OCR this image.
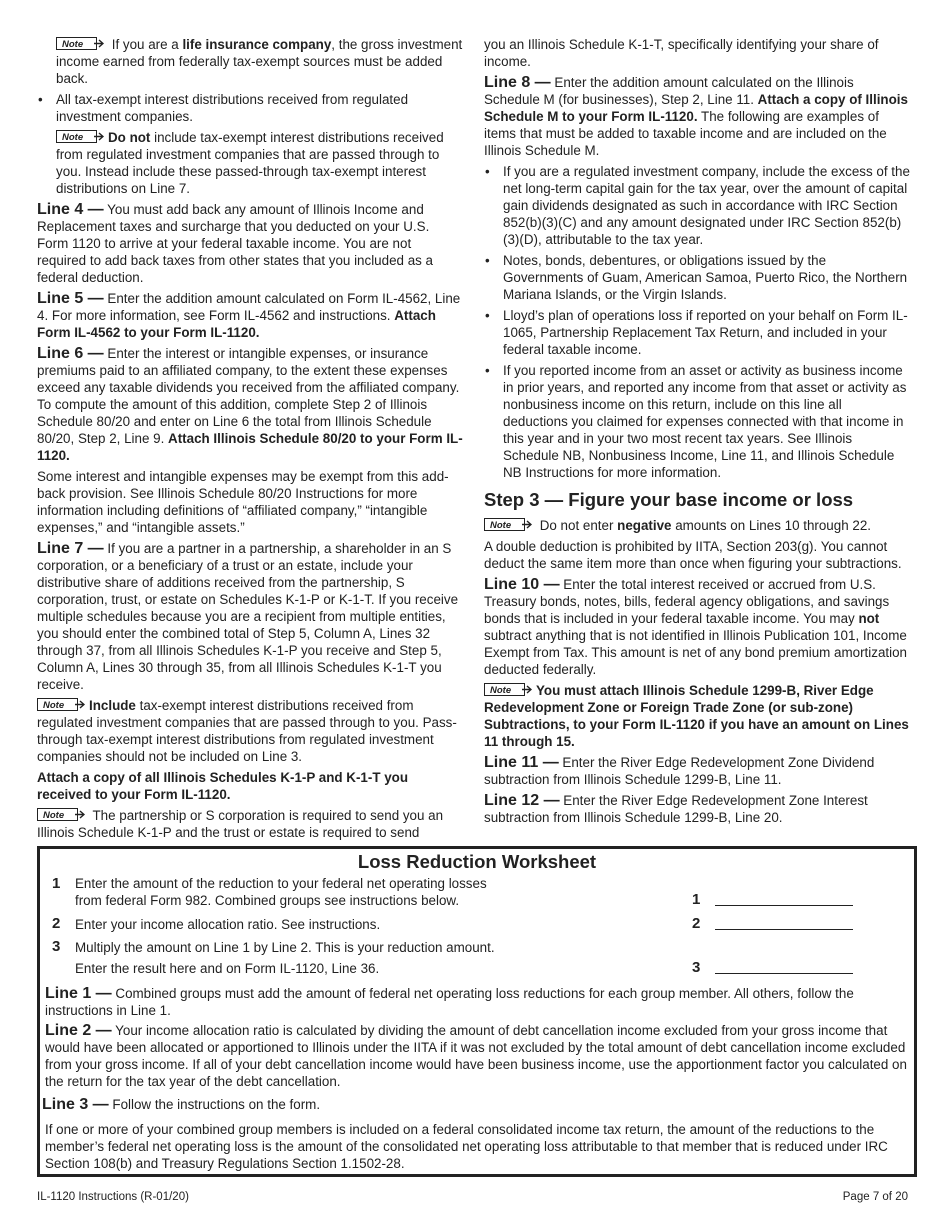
Note If you are a life insurance company, the gross investment income earned from federally tax-exempt sources must be added back.

• All tax-exempt interest distributions received from regulated investment companies.

Note Do not include tax-exempt interest distributions received from regulated investment companies that are passed through to you. Instead include these passed-through tax-exempt interest distributions on Line 7.

Line 4 — You must add back any amount of Illinois Income and Replacement taxes and surcharge that you deducted on your U.S. Form 1120 to arrive at your federal taxable income. You are not required to add back taxes from other states that you included as a federal deduction.

Line 5 — Enter the addition amount calculated on Form IL-4562, Line 4. For more information, see Form IL-4562 and instructions. Attach Form IL-4562 to your Form IL-1120.

Line 6 — Enter the interest or intangible expenses, or insurance premiums paid to an affiliated company, to the extent these expenses exceed any taxable dividends you received from the affiliated company. To compute the amount of this addition, complete Step 2 of Illinois Schedule 80/20 and enter on Line 6 the total from Illinois Schedule 80/20, Step 2, Line 9. Attach Illinois Schedule 80/20 to your Form IL-1120.

Some interest and intangible expenses may be exempt from this add-back provision. See Illinois Schedule 80/20 Instructions for more information including definitions of “affiliated company,” “intangible expenses,” and “intangible assets.”

Line 7 — If you are a partner in a partnership, a shareholder in an S corporation, or a beneficiary of a trust or an estate, include your distributive share of additions received from the partnership, S corporation, trust, or estate on Schedules K-1-P or K-1-T. If you receive multiple schedules because you are a recipient from multiple entities, you should enter the combined total of Step 5, Column A, Lines 32 through 37, from all Illinois Schedules K-1-P you receive and Step 5, Column A, Lines 30 through 35, from all Illinois Schedules K-1-T you receive.

Note Include tax-exempt interest distributions received from regulated investment companies that are passed through to you. Pass-through tax-exempt interest distributions from regulated investment companies should not be included on Line 3.

Attach a copy of all Illinois Schedules K-1-P and K-1-T you received to your Form IL-1120.

Note The partnership or S corporation is required to send you an Illinois Schedule K-1-P and the trust or estate is required to send

you an Illinois Schedule K-1-T, specifically identifying your share of income.

Line 8 — Enter the addition amount calculated on the Illinois Schedule M (for businesses), Step 2, Line 11. Attach a copy of Illinois Schedule M to your Form IL-1120. The following are examples of items that must be added to taxable income and are included on the Illinois Schedule M.

• If you are a regulated investment company, include the excess of the net long-term capital gain for the tax year, over the amount of capital gain dividends designated as such in accordance with IRC Section 852(b)(3)(C) and any amount designated under IRC Section 852(b)(3)(D), attributable to the tax year.
• Notes, bonds, debentures, or obligations issued by the Governments of Guam, American Samoa, Puerto Rico, the Northern Mariana Islands, or the Virgin Islands.
• Lloyd’s plan of operations loss if reported on your behalf on Form IL-1065, Partnership Replacement Tax Return, and included in your federal taxable income.
• If you reported income from an asset or activity as business income in prior years, and reported any income from that asset or activity as nonbusiness income on this return, include on this line all deductions you claimed for expenses connected with that income in this year and in your two most recent tax years. See Illinois Schedule NB, Nonbusiness Income, Line 11, and Illinois Schedule NB Instructions for more information.
Step 3 — Figure your base income or loss

Note Do not enter negative amounts on Lines 10 through 22.

A double deduction is prohibited by IITA, Section 203(g). You cannot deduct the same item more than once when figuring your subtractions.

Line 10 — Enter the total interest received or accrued from U.S. Treasury bonds, notes, bills, federal agency obligations, and savings bonds that is included in your federal taxable income. You may not subtract anything that is not identified in Illinois Publication 101, Income Exempt from Tax. This amount is net of any bond premium amortization deducted federally.

Note You must attach Illinois Schedule 1299-B, River Edge Redevelopment Zone or Foreign Trade Zone (or sub-zone) Subtractions, to your Form IL-1120 if you have an amount on Lines 11 through 15.

Line 11 — Enter the River Edge Redevelopment Zone Dividend subtraction from Illinois Schedule 1299-B, Line 11.

Line 12 — Enter the River Edge Redevelopment Zone Interest subtraction from Illinois Schedule 1299-B, Line 20.

Loss Reduction Worksheet
1 Enter the amount of the reduction to your federal net operating losses
from federal Form 982. Combined groups see instructions below.	1
2 Enter your income allocation ratio. See instructions.	2
3 Multiply the amount on Line 1 by Line 2. This is your reduction amount.
Enter the result here and on Form IL-1120, Line 36.	3

Line 1 — Combined groups must add the amount of federal net operating loss reductions for each group member. All others, follow the instructions in Line 1.

Line 2 — Your income allocation ratio is calculated by dividing the amount of debt cancellation income excluded from your gross income that would have been allocated or apportioned to Illinois under the IITA if it was not excluded by the total amount of debt cancellation income excluded from your gross income. If all of your debt cancellation income would have been business income, use the apportionment factor you calculated on the return for the tax year of the debt cancellation.

Line 3 — Follow the instructions on the form.

If one or more of your combined group members is included on a federal consolidated income tax return, the amount of the reductions to the member’s federal net operating loss is the amount of the consolidated net operating loss attributable to that member that is reduced under IRC Section 108(b) and Treasury Regulations Section 1.1502-28.

IL-1120 Instructions (R-01/20)	Page 7 of 20
